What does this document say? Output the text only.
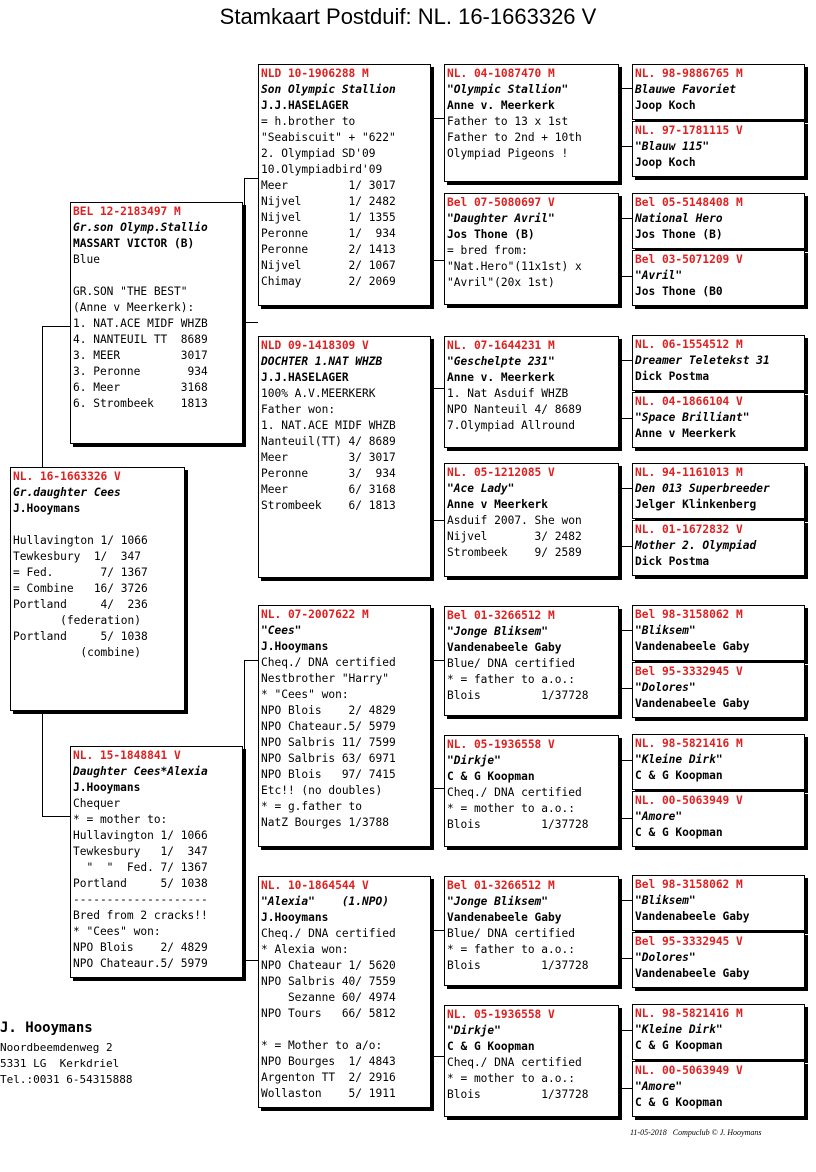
Stamkaart Postduif: NL. 16-1663326 V
NL. 16-1663326 V
Gr.daughter Cees
J.Hooymans
Hullavington 1/ 1066
Tewkesbury  1/  347
= Fed.       7/ 1367
= Combine   16/ 3726
Portland     4/  236
(federation)
Portland     5/ 1038
(combine)
BEL 12-2183497 M
Gr.son Olymp.Stallio
MASSART VICTOR (B)
Blue
GR.SON "THE BEST"
(Anne v Meerkerk):
1. NAT.ACE MIDF WHZB
4. NANTEUIL TT  8689
3. MEER         3017
3. Peronne       934
6. Meer         3168
6. Strombeek    1813
NL. 15-1848841 V
Daughter Cees*Alexia
J.Hooymans
Chequer
* = mother to:
Hullavington 1/ 1066
Tewkesbury   1/  347
"  "  Fed. 7/ 1367
Portland     5/ 1038
--------------------
Bred from 2 cracks!!
* "Cees" won:
NPO Blois    2/ 4829
NPO Chateaur.5/ 5979
NLD 10-1906288 M
Son Olympic Stallion
J.J.HASELAGER
= h.brother to
"Seabiscuit" + "622"
2. Olympiad SD'09
10.Olympiadbird'09
Meer         1/ 3017
Nijvel       1/ 2482
Nijvel       1/ 1355
Peronne      1/  934
Peronne      2/ 1413
Nijvel       2/ 1067
Chimay       2/ 2069
NLD 09-1418309 V
DOCHTER 1.NAT WHZB
J.J.HASELAGER
100% A.V.MEERKERK
Father won:
1. NAT.ACE MIDF WHZB
Nanteuil(TT) 4/ 8689
Meer         3/ 3017
Peronne      3/  934
Meer         6/ 3168
Strombeek    6/ 1813
NL. 07-2007622 M
"Cees"
J.Hooymans
Cheq./ DNA certified
Nestbrother "Harry"
* "Cees" won:
NPO Blois    2/ 4829
NPO Chateaur.5/ 5979
NPO Salbris 11/ 7599
NPO Salbris 63/ 6971
NPO Blois   97/ 7415
Etc!! (no doubles)
* = g.father to
NatZ Bourges 1/3788
NL. 10-1864544 V
"Alexia"    (1.NPO)
J.Hooymans
Cheq./ DNA certified
* Alexia won:
NPO Chateaur 1/ 5620
NPO Salbris 40/ 7559
Sezanne 60/ 4974
NPO Tours   66/ 5812
* = Mother to a/o:
NPO Bourges  1/ 4843
Argenton TT  2/ 2916
Wollaston    5/ 1911
NL. 04-1087470 M
"Olympic Stallion"
Anne v. Meerkerk
Father to 13 x 1st
Father to 2nd + 10th
Olympiad Pigeons !
Bel 07-5080697 V
"Daughter Avril"
Jos Thone (B)
= bred from:
"Nat.Hero"(11x1st) x
"Avril"(20x 1st)
NL. 07-1644231 M
"Geschelpte 231"
Anne v. Meerkerk
1. Nat Asduif WHZB
NPO Nanteuil 4/ 8689
7.Olympiad Allround
NL. 05-1212085 V
"Ace Lady"
Anne v Meerkerk
Asduif 2007. She won
Nijvel       3/ 2482
Strombeek    9/ 2589
Bel 01-3266512 M
"Jonge Bliksem"
Vandenabeele Gaby
Blue/ DNA certified
* = father to a.o.:
Blois         1/37728
NL. 05-1936558 V
"Dirkje"
C & G Koopman
Cheq./ DNA certified
* = mother to a.o.:
Blois         1/37728
Bel 01-3266512 M
"Jonge Bliksem"
Vandenabeele Gaby
Blue/ DNA certified
* = father to a.o.:
Blois         1/37728
NL. 05-1936558 V
"Dirkje"
C & G Koopman
Cheq./ DNA certified
* = mother to a.o.:
Blois         1/37728
NL. 98-9886765 M
Blauwe Favoriet
Joop Koch
NL. 97-1781115 V
"Blauw 115"
Joop Koch
Bel 05-5148408 M
National Hero
Jos Thone (B)
Bel 03-5071209 V
"Avril"
Jos Thone (B0
NL. 06-1554512 M
Dreamer Teletekst 31
Dick Postma
NL. 04-1866104 V
"Space Brilliant"
Anne v Meerkerk
NL. 94-1161013 M
Den 013 Superbreeder
Jelger Klinkenberg
NL. 01-1672832 V
Mother 2. Olympiad
Dick Postma
Bel 98-3158062 M
"Bliksem"
Vandenabeele Gaby
Bel 95-3332945 V
"Dolores"
Vandenabeele Gaby
NL. 98-5821416 M
"Kleine Dirk"
C & G Koopman
NL. 00-5063949 V
"Amore"
C & G Koopman
Bel 98-3158062 M
"Bliksem"
Vandenabeele Gaby
Bel 95-3332945 V
"Dolores"
Vandenabeele Gaby
NL. 98-5821416 M
"Kleine Dirk"
C & G Koopman
NL. 00-5063949 V
"Amore"
C & G Koopman
J. Hooymans
Noordbeemdenweg 2
5331 LG  Kerkdriel
Tel.:0031 6-54315888
11-05-2018   Compuclub © J. Hooymans
